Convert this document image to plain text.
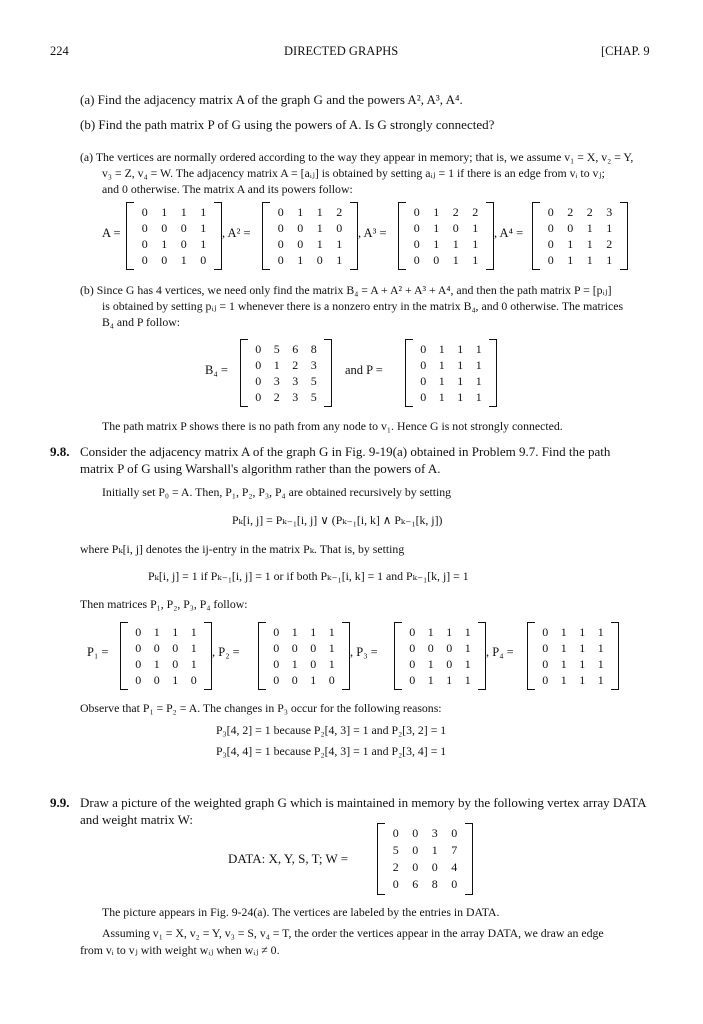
224	DIRECTED GRAPHS	[CHAP. 9
(a) Find the adjacency matrix A of the graph G and the powers A², A³, A⁴.
(b) Find the path matrix P of G using the powers of A. Is G strongly connected?
(a) The vertices are normally ordered according to the way they appear in memory; that is, we assume v₁ = X, v₂ = Y,
v₃ = Z, v₄ = W. The adjacency matrix A = [aᵢⱼ] is obtained by setting aᵢⱼ = 1 if there is an edge from vᵢ to vⱼ;
and 0 otherwise. The matrix A and its powers follow:
A =
0	1	1	1
0	0	0	1
0	1	0	1
0	0	1	0
, A² =
0	1	1	2
0	0	1	0
0	0	1	1
0	1	0	1
, A³ =
0	1	2	2
0	1	0	1
0	1	1	1
0	0	1	1
, A⁴ =
0	2	2	3
0	0	1	1
0	1	1	2
0	1	1	1
(b) Since G has 4 vertices, we need only find the matrix B₄ = A + A² + A³ + A⁴, and then the path matrix P = [pᵢⱼ]
is obtained by setting pᵢⱼ = 1 whenever there is a nonzero entry in the matrix B₄, and 0 otherwise. The matrices
B₄ and P follow:
B₄ =
0	5	6	8
0	1	2	3
0	3	3	5
0	2	3	5
and P =
0	1	1	1
0	1	1	1
0	1	1	1
0	1	1	1
The path matrix P shows there is no path from any node to v₁. Hence G is not strongly connected.
9.8. Consider the adjacency matrix A of the graph G in Fig. 9-19(a) obtained in Problem 9.7. Find the path
matrix P of G using Warshall's algorithm rather than the powers of A.
Initially set P₀ = A. Then, P₁, P₂, P₃, P₄ are obtained recursively by setting
Pₖ[i, j] = Pₖ₋₁[i, j] ∨ (Pₖ₋₁[i, k] ∧ Pₖ₋₁[k, j])
where Pₖ[i, j] denotes the ij-entry in the matrix Pₖ. That is, by setting
Pₖ[i, j] = 1 if Pₖ₋₁[i, j] = 1 or if both Pₖ₋₁[i, k] = 1 and Pₖ₋₁[k, j] = 1
Then matrices P₁, P₂, P₃, P₄ follow:
P₁ =
0	1	1	1
0	0	0	1
0	1	0	1
0	0	1	0
, P₂ =
0	1	1	1
0	0	0	1
0	1	0	1
0	0	1	0
, P₃ =
0	1	1	1
0	0	0	1
0	1	0	1
0	1	1	1
, P₄ =
0	1	1	1
0	1	1	1
0	1	1	1
0	1	1	1
Observe that P₁ = P₂ = A. The changes in P₃ occur for the following reasons:
P₃[4, 2] = 1 because P₂[4, 3] = 1 and P₂[3, 2] = 1
P₃[4, 4] = 1 because P₂[4, 3] = 1 and P₂[3, 4] = 1
9.9. Draw a picture of the weighted graph G which is maintained in memory by the following vertex array DATA
and weight matrix W:
DATA: X, Y, S, T; W =
0	0	3	0
5	0	1	7
2	0	0	4
0	6	8	0
The picture appears in Fig. 9-24(a). The vertices are labeled by the entries in DATA.
Assuming v₁ = X, v₂ = Y, v₃ = S, v₄ = T, the order the vertices appear in the array DATA, we draw an edge
from vᵢ to vⱼ with weight wᵢⱼ when wᵢⱼ ≠ 0.
